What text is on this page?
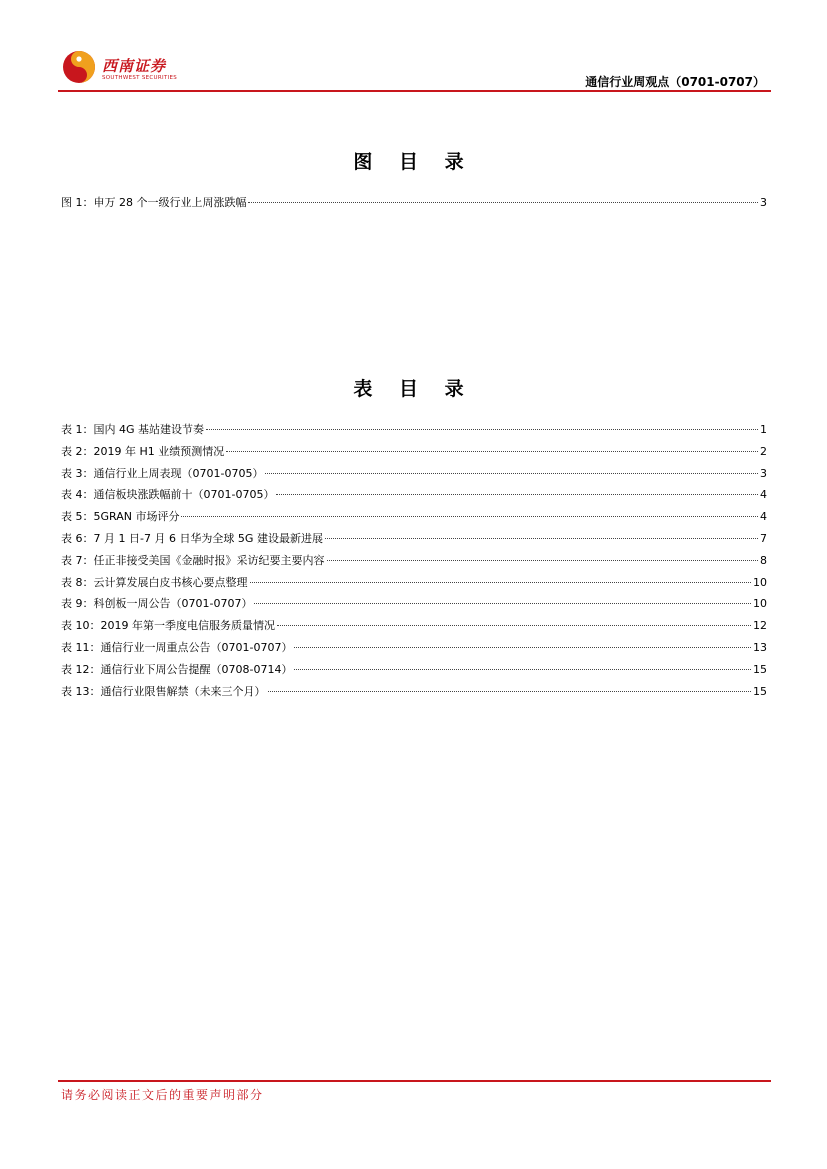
西南证券
SOUTHWEST SECURITIES	通信行业周观点（0701-0707）
图 目 录
图 1：申万 28 个一级行业上周涨跌幅	3
表 目 录
表 1：国内 4G 基站建设节奏	1
表 2：2019 年 H1 业绩预测情况	2
表 3：通信行业上周表现（0701-0705）	3
表 4：通信板块涨跌幅前十（0701-0705）	4
表 5：5GRAN 市场评分	4
表 6：7 月 1 日-7 月 6 日华为全球 5G 建设最新进展	7
表 7：任正非接受美国《金融时报》采访纪要主要内容	8
表 8：云计算发展白皮书核心要点整理	10
表 9：科创板一周公告（0701-0707）	10
表 10：2019 年第一季度电信服务质量情况	12
表 11：通信行业一周重点公告（0701-0707）	13
表 12：通信行业下周公告提醒（0708-0714）	15
表 13：通信行业限售解禁（未来三个月）	15
请务必阅读正文后的重要声明部分
